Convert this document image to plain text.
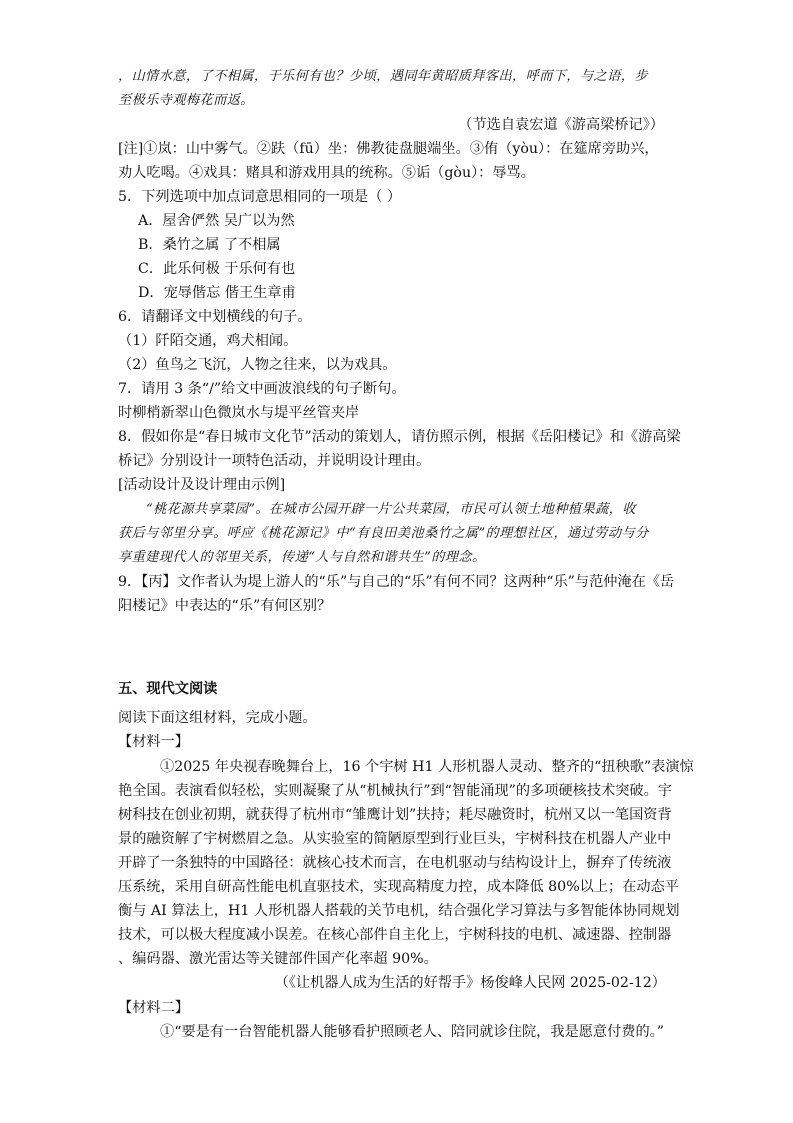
，山情水意，了不相属，于乐何有也？少顷，遇同年黄昭质拜客出，呼而下，与之语，步
至极乐寺观梅花而返。
（节选自袁宏道《游高梁桥记》）
[注]①岚：山中雾气。②趺（fū）坐：佛教徒盘腿端坐。③侑（yòu）：在筵席旁助兴，
劝人吃喝。④戏具：赌具和游戏用具的统称。⑤诟（gòu）：辱骂。
5．下列选项中加点词意思相同的一项是（ ）
A．屋舍俨然 吴广以为然
B．桑竹之属 了不相属
C．此乐何极 于乐何有也
D．宠辱偕忘 偕王生章甫
6．请翻译文中划横线的句子。
（1）阡陌交通，鸡犬相闻。
（2）鱼鸟之飞沉，人物之往来，以为戏具。
7．请用 3 条“/”给文中画波浪线的句子断句。
时柳梢新翠山色微岚水与堤平丝管夹岸
8．假如你是“春日城市文化节”活动的策划人，请仿照示例，根据《岳阳楼记》和《游高梁
桥记》分别设计一项特色活动，并说明设计理由。
[活动设计及设计理由示例]
“桃花源共享菜园”。在城市公园开辟一片公共菜园，市民可认领土地种植果蔬，收
获后与邻里分享。呼应《桃花源记》中“有良田美池桑竹之属”的理想社区，通过劳动与分
享重建现代人的邻里关系，传递“人与自然和谐共生”的理念。
9．【丙】文作者认为堤上游人的“乐”与自己的“乐”有何不同？这两种“乐”与范仲淹在《岳
阳楼记》中表达的“乐”有何区别？
五、现代文阅读
阅读下面这组材料，完成小题。
【材料一】
①2025 年央视春晚舞台上，16 个宇树 H1 人形机器人灵动、整齐的“扭秧歌”表演惊
艳全国。表演看似轻松，实则凝聚了从“机械执行”到“智能涌现”的多项硬核技术突破。宇
树科技在创业初期，就获得了杭州市“雏鹰计划”扶持；耗尽融资时，杭州又以一笔国资背
景的融资解了宇树燃眉之急。从实验室的简陋原型到行业巨头，宇树科技在机器人产业中
开辟了一条独特的中国路径：就核心技术而言，在电机驱动与结构设计上，摒弃了传统液
压系统，采用自研高性能电机直驱技术，实现高精度力控，成本降低 80%以上；在动态平
衡与 AI 算法上，H1 人形机器人搭载的关节电机，结合强化学习算法与多智能体协同规划
技术，可以极大程度减小误差。在核心部件自主化上，宇树科技的电机、减速器、控制器
、编码器、激光雷达等关键部件国产化率超 90%。
（《让机器人成为生活的好帮手》杨俊峰人民网 2025-02-12）
【材料二】
①“要是有一台智能机器人能够看护照顾老人、陪同就诊住院，我是愿意付费的。”
